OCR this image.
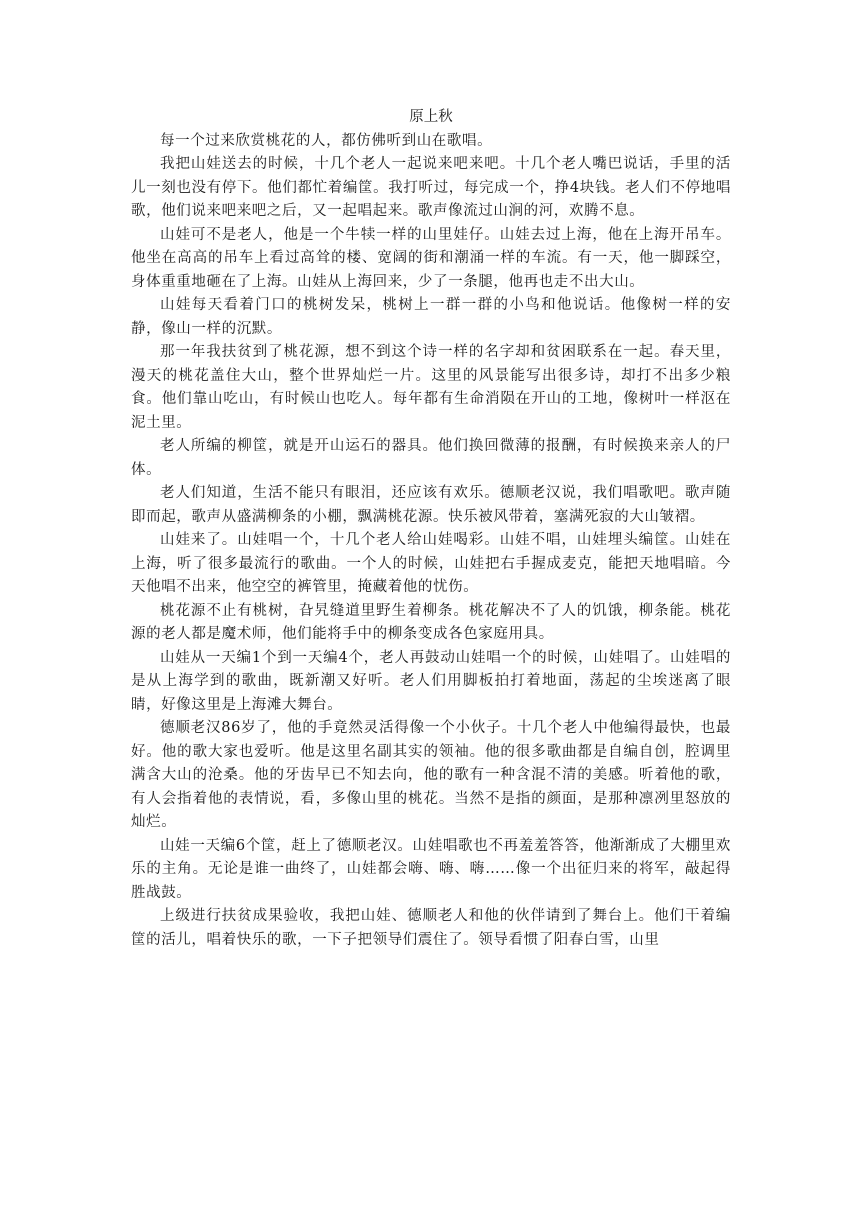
原上秋

每一个过来欣赏桃花的人，都仿佛听到山在歌唱。

我把山娃送去的时候，十几个老人一起说来吧来吧。十几个老人嘴巴说话，手里的活儿一刻也没有停下。他们都忙着编筐。我打听过，每完成一个，挣4块钱。老人们不停地唱歌，他们说来吧来吧之后，又一起唱起来。歌声像流过山涧的河，欢腾不息。

山娃可不是老人，他是一个牛犊一样的山里娃仔。山娃去过上海，他在上海开吊车。他坐在高高的吊车上看过高耸的楼、宽阔的街和潮涌一样的车流。有一天，他一脚踩空，身体重重地砸在了上海。山娃从上海回来，少了一条腿，他再也走不出大山。

山娃每天看着门口的桃树发呆，桃树上一群一群的小鸟和他说话。他像树一样的安静，像山一样的沉默。

那一年我扶贫到了桃花源，想不到这个诗一样的名字却和贫困联系在一起。春天里，漫天的桃花盖住大山，整个世界灿烂一片。这里的风景能写出很多诗，却打不出多少粮食。他们靠山吃山，有时候山也吃人。每年都有生命消陨在开山的工地，像树叶一样沤在泥土里。

老人所编的柳筐，就是开山运石的器具。他们换回微薄的报酬，有时候换来亲人的尸体。

老人们知道，生活不能只有眼泪，还应该有欢乐。德顺老汉说，我们唱歌吧。歌声随即而起，歌声从盛满柳条的小棚，飘满桃花源。快乐被风带着，塞满死寂的大山皱褶。

山娃来了。山娃唱一个，十几个老人给山娃喝彩。山娃不唱，山娃埋头编筐。山娃在上海，听了很多最流行的歌曲。一个人的时候，山娃把右手握成麦克，能把天地唱暗。今天他唱不出来，他空空的裤管里，掩藏着他的忧伤。

桃花源不止有桃树，旮旯缝道里野生着柳条。桃花解决不了人的饥饿，柳条能。桃花源的老人都是魔术师，他们能将手中的柳条变成各色家庭用具。

山娃从一天编1个到一天编4个，老人再鼓动山娃唱一个的时候，山娃唱了。山娃唱的是从上海学到的歌曲，既新潮又好听。老人们用脚板拍打着地面，荡起的尘埃迷离了眼睛，好像这里是上海滩大舞台。

德顺老汉86岁了，他的手竟然灵活得像一个小伙子。十几个老人中他编得最快，也最好。他的歌大家也爱听。他是这里名副其实的领袖。他的很多歌曲都是自编自创，腔调里满含大山的沧桑。他的牙齿早已不知去向，他的歌有一种含混不清的美感。听着他的歌，有人会指着他的表情说，看，多像山里的桃花。当然不是指的颜面，是那种凛冽里怒放的灿烂。

山娃一天编6个筐，赶上了德顺老汉。山娃唱歌也不再羞羞答答，他渐渐成了大棚里欢乐的主角。无论是谁一曲终了，山娃都会嗨、嗨、嗨……像一个出征归来的将军，敲起得胜战鼓。

上级进行扶贫成果验收，我把山娃、德顺老人和他的伙伴请到了舞台上。他们干着编筐的活儿，唱着快乐的歌，一下子把领导们震住了。领导看惯了阳春白雪，山里
